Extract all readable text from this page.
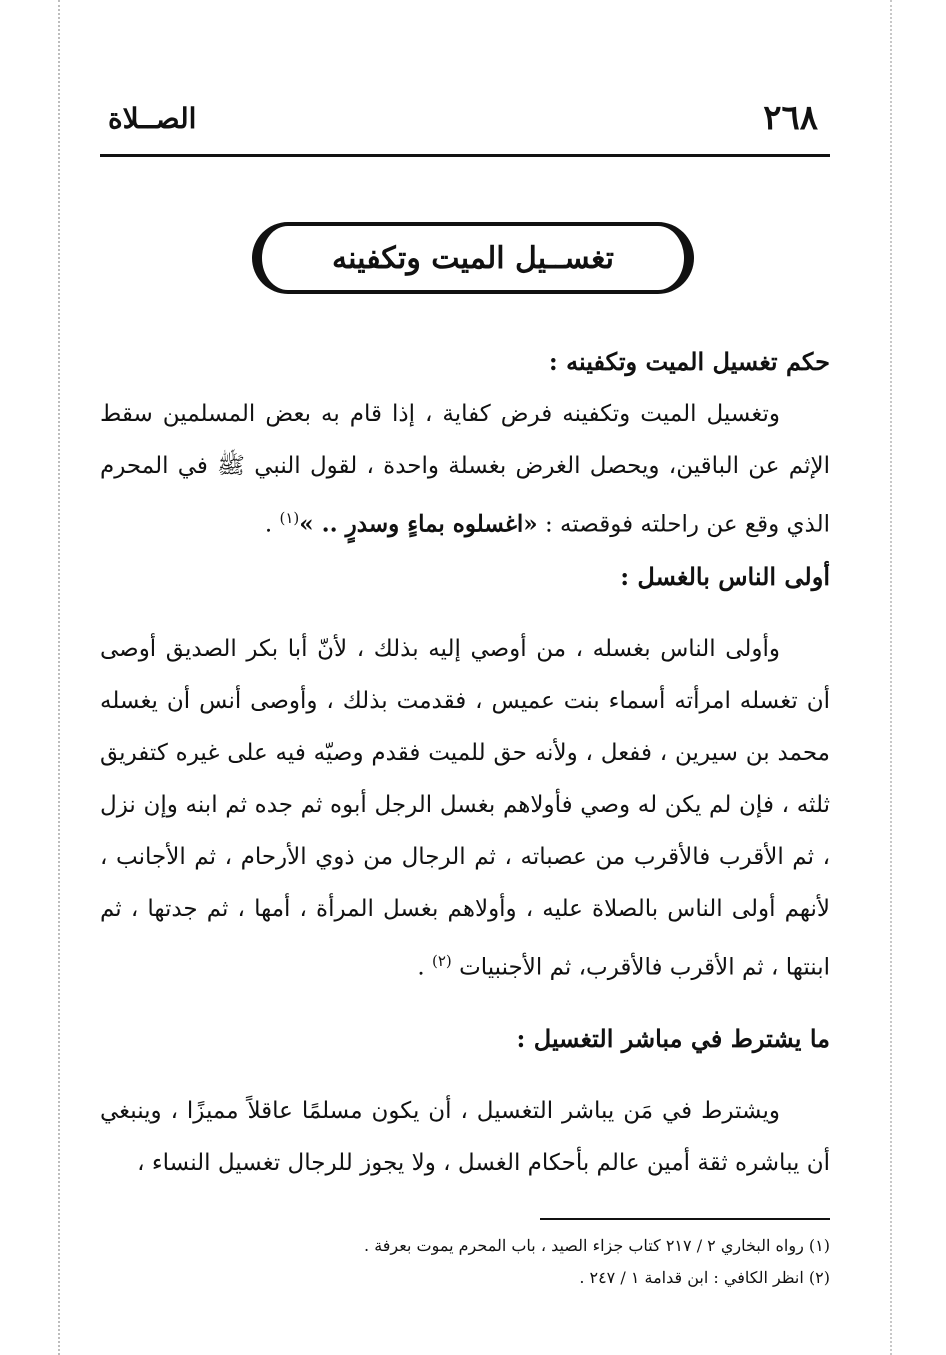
٢٦٨
الصــلاة
تغســيل الميت وتكفينه

حكم تغسيل الميت وتكفينه :

وتغسيل الميت وتكفينه فرض كفاية ، إذا قام به بعض المسلمين سقط الإثم عن الباقين، ويحصل الغرض بغسلة واحدة ، لقول النبي ﷺ في المحرم الذي وقع عن راحلته فوقصته : «اغسلوه بماءٍ وسدرٍ .. »$^{(١)}$ .

أولى الناس بالغسل :

وأولى الناس بغسله ، من أوصي إليه بذلك ، لأنّ أبا بكر الصديق أوصى أن تغسله امرأته أسماء بنت عميس ، فقدمت بذلك ، وأوصى أنس أن يغسله محمد بن سيرين ، ففعل ، ولأنه حق للميت فقدم وصيّه فيه على غيره كتفريق ثلثه ، فإن لم يكن له وصي فأولاهم بغسل الرجل أبوه ثم جده ثم ابنه وإن نزل ، ثم الأقرب فالأقرب من عصباته ، ثم الرجال من ذوي الأرحام ، ثم الأجانب ، لأنهم أولى الناس بالصلاة عليه ، وأولاهم بغسل المرأة ، أمها ، ثم جدتها ، ثم ابنتها ، ثم الأقرب فالأقرب، ثم الأجنبيات $^{(٢)}$ .

ما يشترط في مباشر التغسيل :

ويشترط في مَن يباشر التغسيل ، أن يكون مسلمًا عاقلاً مميزًا ، وينبغي أن يباشره ثقة أمين عالم بأحكام الغسل ، ولا يجوز للرجال تغسيل النساء ،

(١) رواه البخاري ٢ / ٢١٧ كتاب جزاء الصيد ، باب المحرم يموت بعرفة .

(٢) انظر الكافي : ابن قدامة ١ / ٢٤٧ .
